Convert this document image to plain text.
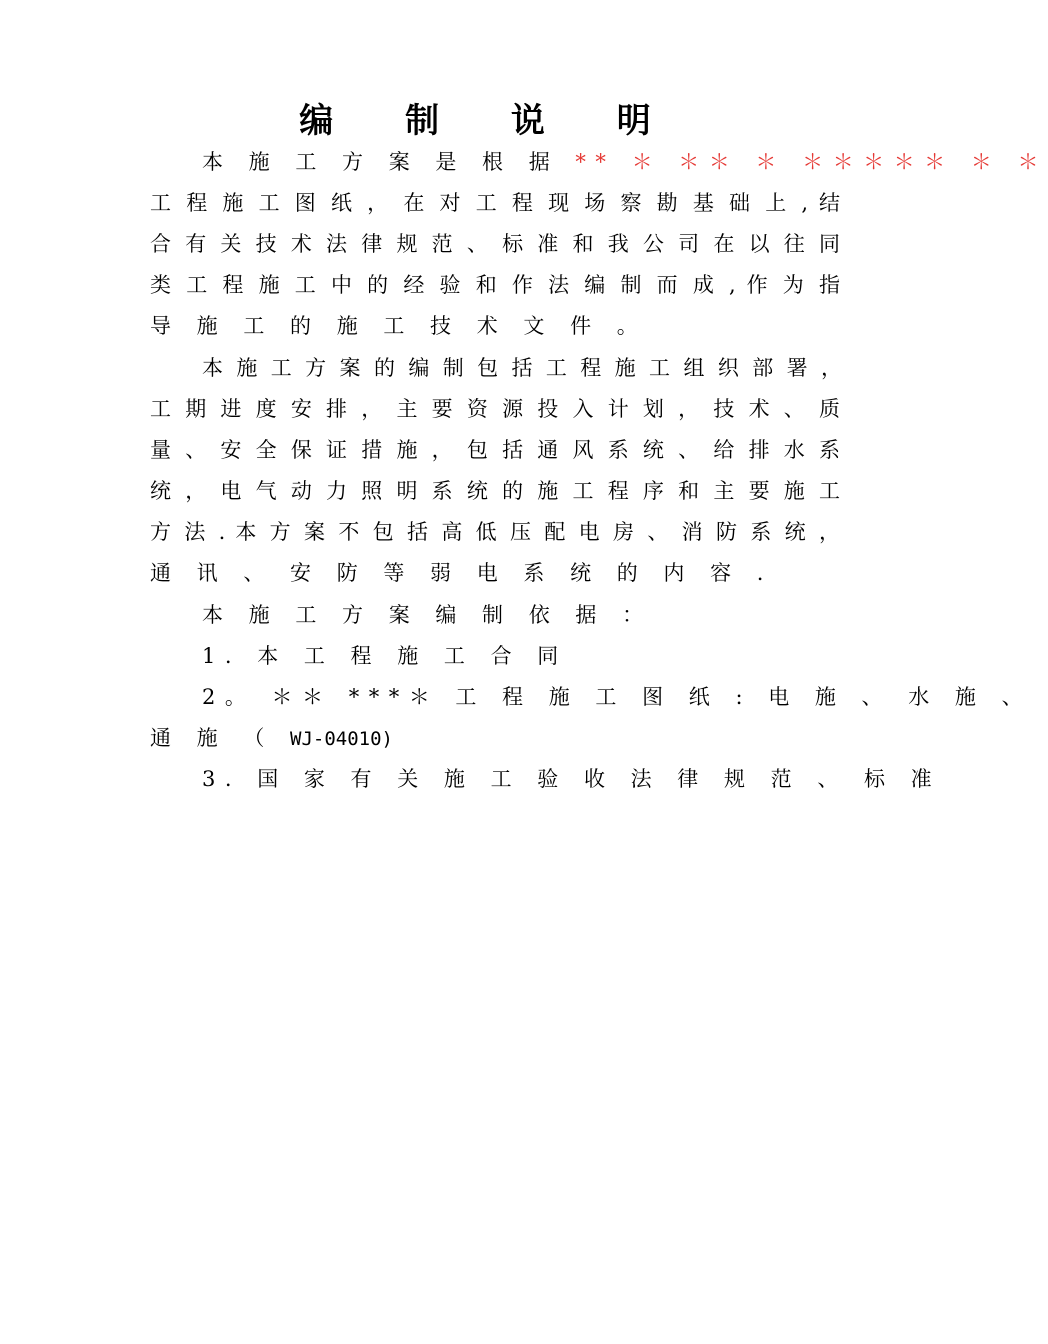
编 制 说 明
本 施 工 方 案 是 根 据 ** ＊ ＊＊ ＊ ＊＊＊＊＊ ＊ ＊
工 程 施 工 图 纸 ， 在 对 工 程 现 场 察 勘 基 础 上 , 结
合 有 关 技 术 法 律 规 范 、 标 准 和 我 公 司 在 以 往 同
类 工 程 施 工 中 的 经 验 和 作 法 编 制 而 成 , 作 为 指
导 施 工 的 施 工 技 术 文 件 。
本 施 工 方 案 的 编 制 包 括 工 程 施 工 组 织 部 署 ，
工 期 进 度 安 排 ， 主 要 资 源 投 入 计 划 ， 技 术 、 质
量 、 安 全 保 证 措 施 ， 包 括 通 风 系 统 、 给 排 水 系
统 ， 电 气 动 力 照 明 系 统 的 施 工 程 序 和 主 要 施 工
方 法 . 本 方 案 不 包 括 高 低 压 配 电 房 、 消 防 系 统 ，
通 讯 、 安 防 等 弱 电 系 统 的 内 容 .
本 施 工 方 案 编 制 依 据 ：
1. 本 工 程 施 工 合 同
2。 ＊＊ ***＊ 工 程 施 工 图 纸 : 电 施 、 水 施 、
通 施 （ WJ-04010)
3. 国 家 有 关 施 工 验 收 法 律 规 范 、 标 准
